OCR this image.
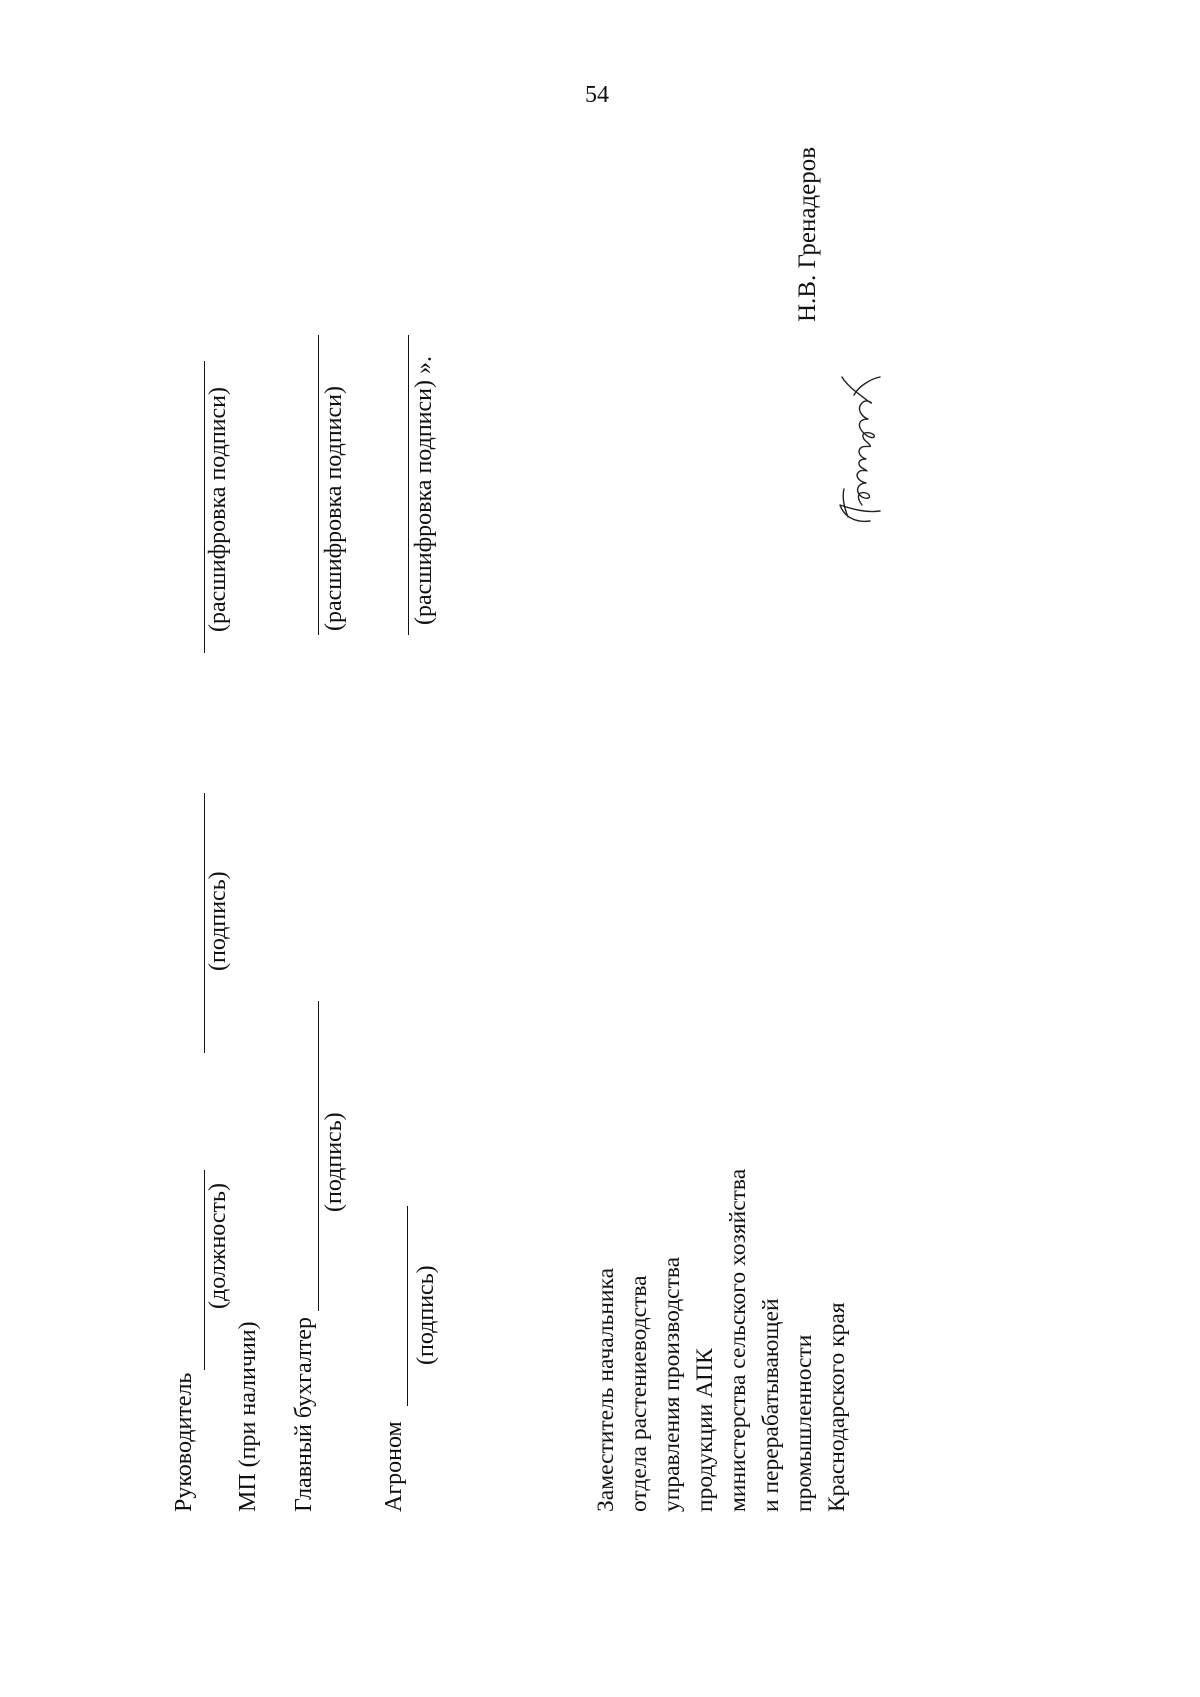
54
Руководитель
(должность)
(подпись)
(расшифровка подписи)
МП (при наличии) Главный бухгалтер
(подпись)
(расшифровка подписи)
Агроном
(подпись)
(расшифровка подписи) ».
Заместитель начальника отдела растениеводства управления производства продукции АПК министерства сельского хозяйства и перерабатывающей промышленности Краснодарского края
Н.В. Гренадеров
